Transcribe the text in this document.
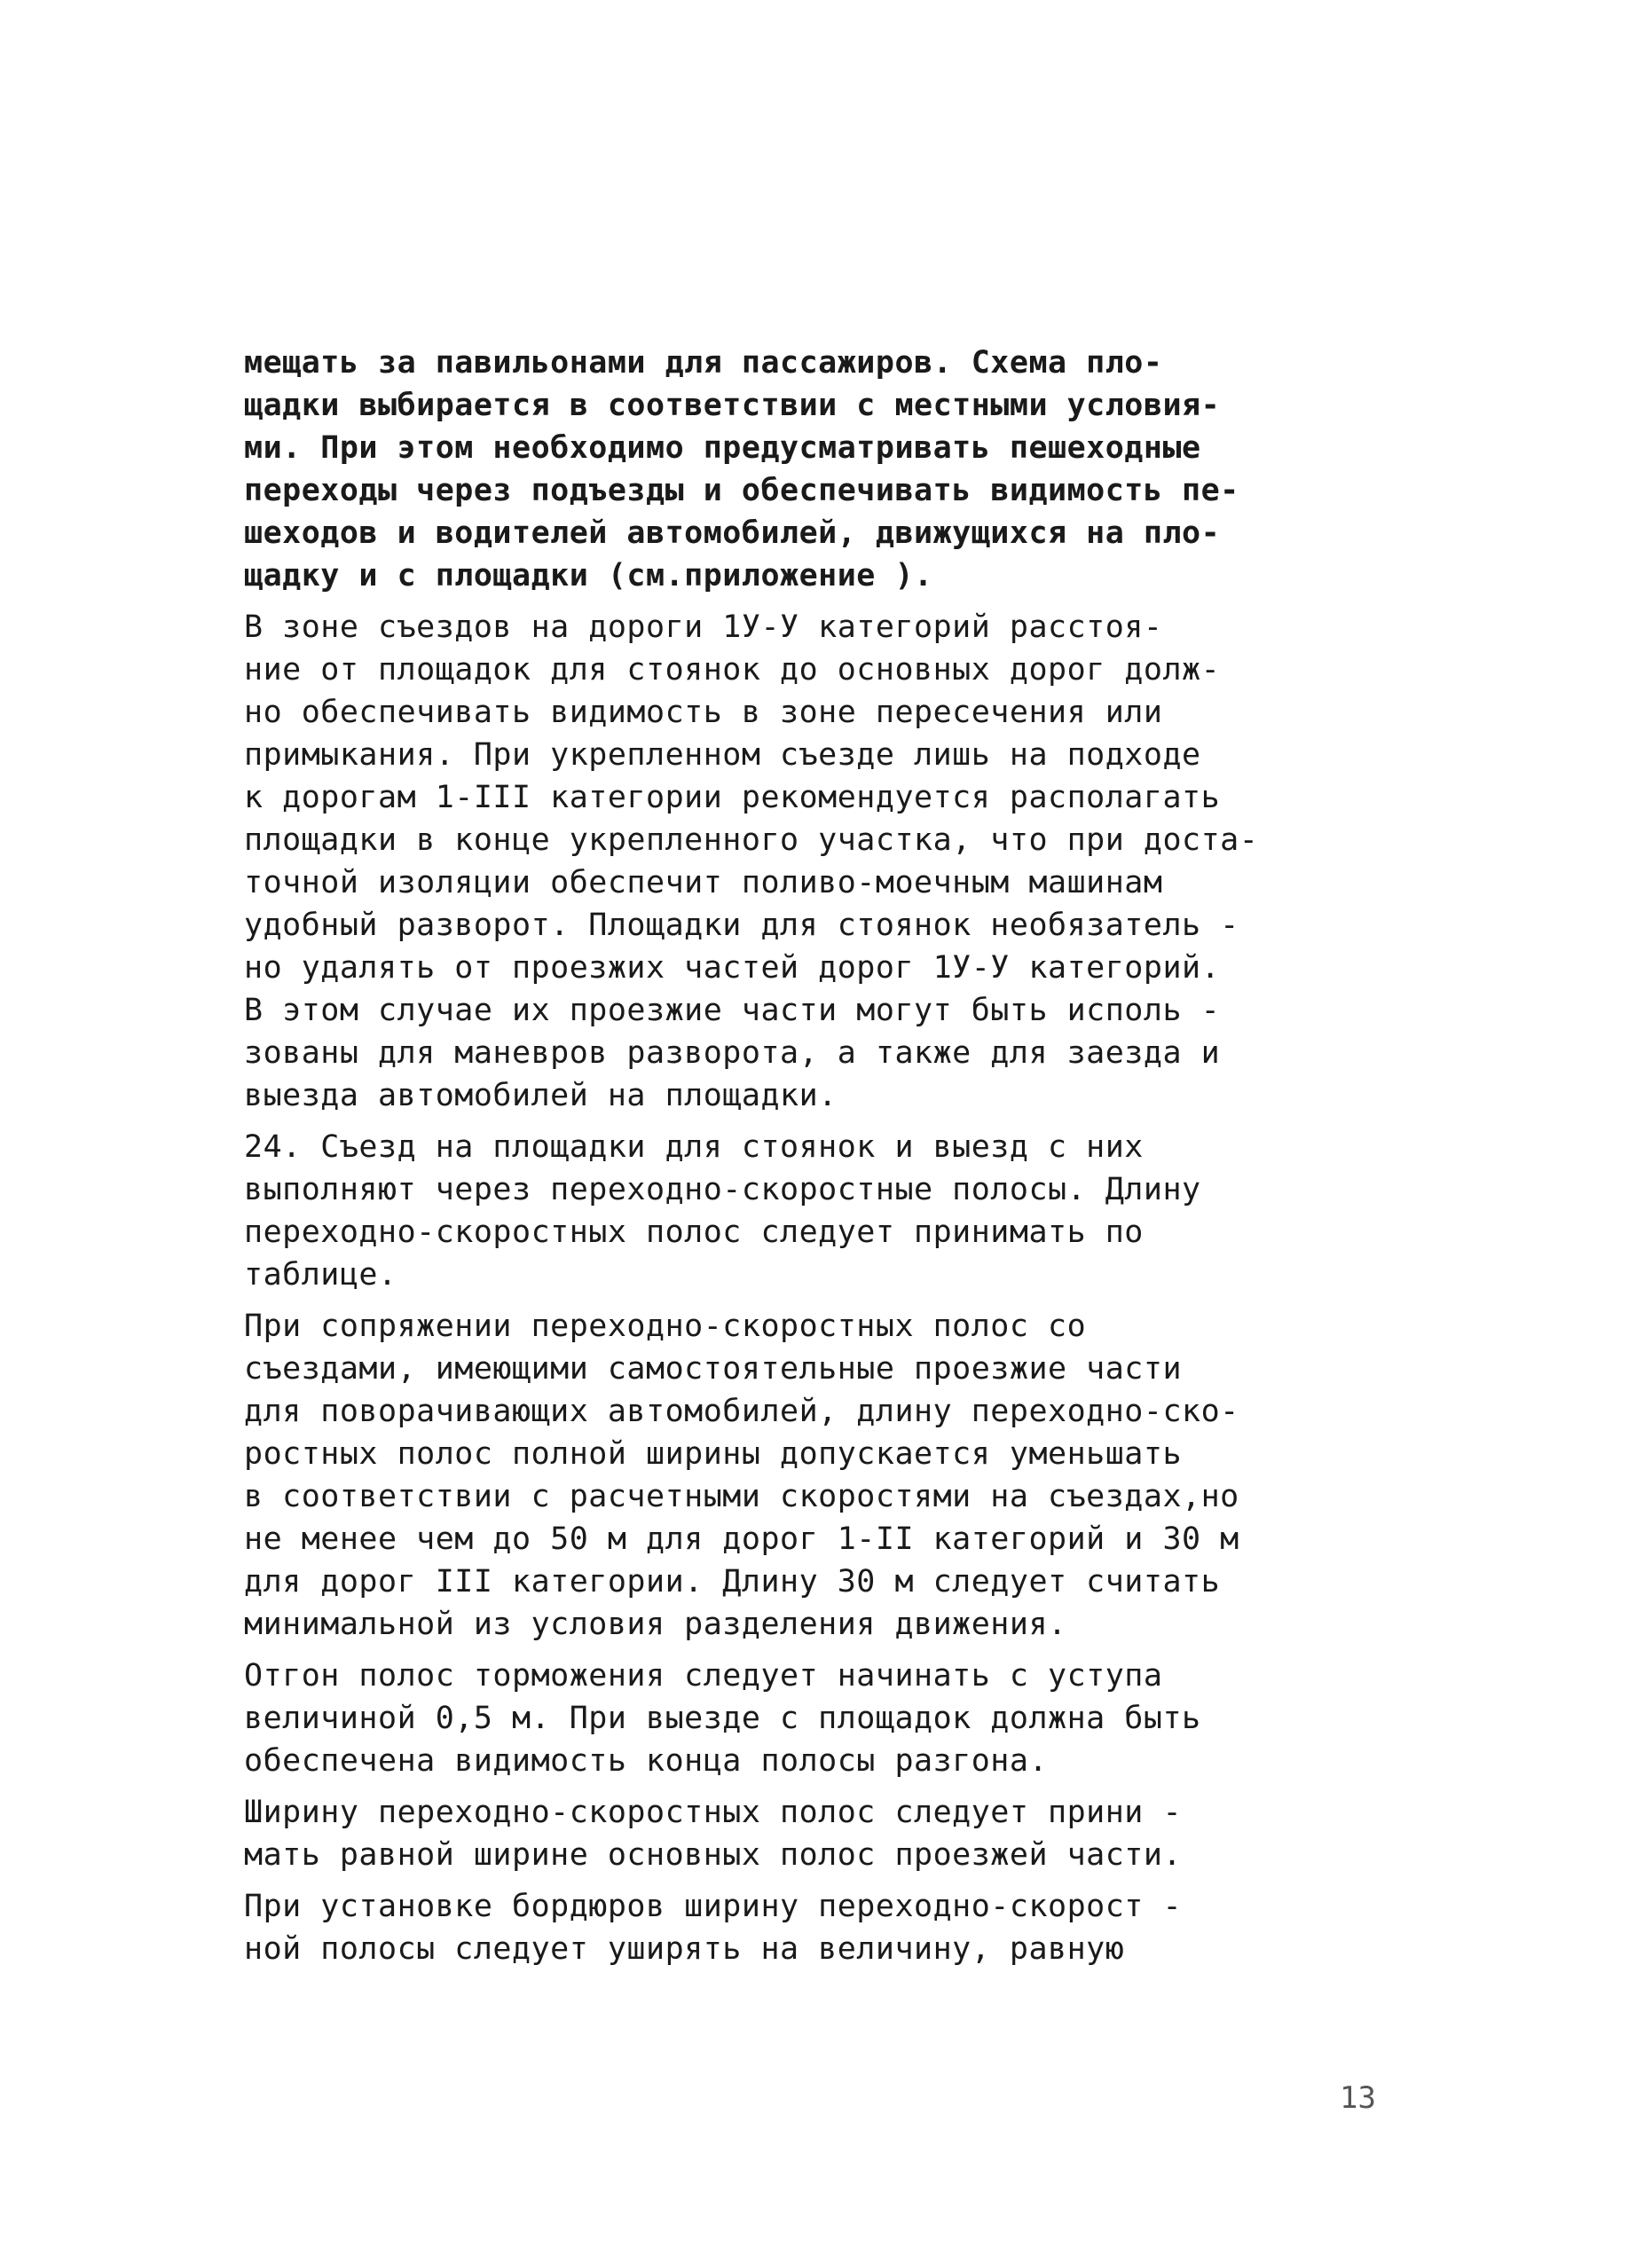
мещать за павильонами для пассажиров. Схема пло-
щадки выбирается в соответствии с местными условия-
ми. При этом необходимо предусматривать пешеходные
переходы через подъезды и обеспечивать видимость пе-
шеходов и водителей автомобилей, движущихся на пло-
щадку и с площадки (см.приложение ).
В зоне съездов на дороги 1У-У категорий расстоя-
ние от площадок для стоянок до основных дорог долж-
но обеспечивать видимость в зоне пересечения или
примыкания. При укрепленном съезде лишь на подходе
к дорогам 1-III категории рекомендуется располагать
площадки в конце укрепленного участка, что при доста-
точной изоляции обеспечит поливо-моечным машинам
удобный разворот. Площадки для стоянок необязатель -
но удалять от проезжих частей дорог 1У-У категорий.
В этом случае их проезжие части могут быть исполь -
зованы для маневров разворота, а также для заезда и
выезда автомобилей на площадки.
24. Съезд на площадки для стоянок и выезд с них
выполняют через переходно-скоростные полосы. Длину
переходно-скоростных полос следует принимать по
таблице.
При сопряжении переходно-скоростных полос со
съездами, имеющими самостоятельные проезжие части
для поворачивающих автомобилей, длину переходно-ско-
ростных полос полной ширины допускается уменьшать
в соответствии с расчетными скоростями на съездах,но
не менее чем до 50 м для дорог 1-II категорий и 30 м
для дорог III категории. Длину 30 м следует считать
минимальной из условия разделения движения.
Отгон полос торможения следует начинать с уступа
величиной 0,5 м. При выезде с площадок должна быть
обеспечена видимость конца полосы разгона.
Ширину переходно-скоростных полос следует прини -
мать равной ширине основных полос проезжей части.
При установке бордюров ширину переходно-скорост -
ной полосы следует уширять на величину, равную
13
